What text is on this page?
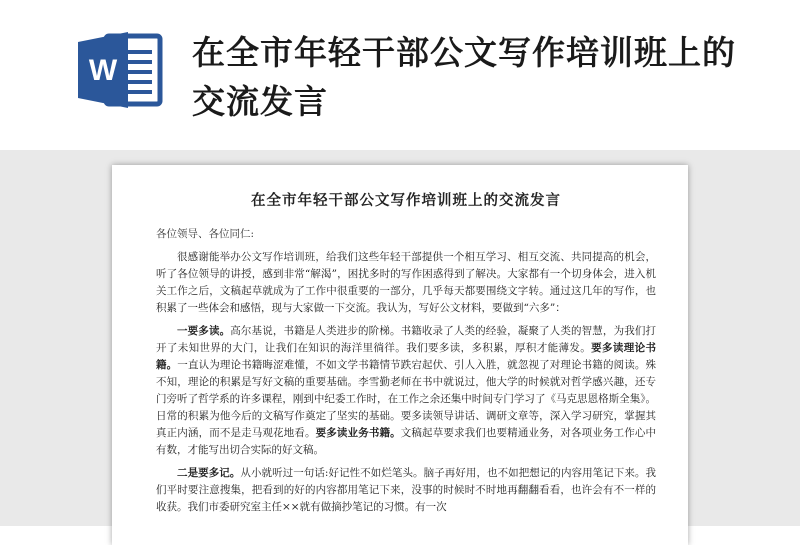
W 在全市年轻干部公文写作培训班上的交流发言
在全市年轻干部公文写作培训班上的交流发言
各位领导、各位同仁:

很感谢能举办公文写作培训班，给我们这些年轻干部提供一个相互学习、相互交流、共同提高的机会，听了各位领导的讲授，感到非常“解渴”，困扰多时的写作困惑得到了解决。大家都有一个切身体会，进入机关工作之后，文稿起草就成为了工作中很重要的一部分，几乎每天都要围绕文字转。通过这几年的写作，也积累了一些体会和感悟，现与大家做一下交流。我认为，写好公文材料，要做到“六多”：

一要多读。高尔基说，书籍是人类进步的阶梯。书籍收录了人类的经验，凝聚了人类的智慧，为我们打开了未知世界的大门，让我们在知识的海洋里徜徉。我们要多读，多积累，厚积才能薄发。要多读理论书籍。一直认为理论书籍晦涩难懂，不如文学书籍情节跌宕起伏、引人入胜，就忽视了对理论书籍的阅读。殊不知，理论的积累是写好文稿的重要基础。李雪勤老师在书中就说过，他大学的时候就对哲学感兴趣，还专门旁听了哲学系的许多课程，刚到中纪委工作时，在工作之余还集中时间专门学习了《马克思恩格斯全集》。日常的积累为他今后的文稿写作奠定了坚实的基础。要多读领导讲话、调研文章等，深入学习研究，掌握其真正内涵，而不是走马观花地看。要多读业务书籍。文稿起草要求我们也要精通业务，对各项业务工作心中有数，才能写出切合实际的好文稿。

二是要多记。从小就听过一句话:好记性不如烂笔头。脑子再好用，也不如把想记的内容用笔记下来。我们平时要注意搜集，把看到的好的内容都用笔记下来，没事的时候时不时地再翻翻看看，也许会有不一样的收获。我们市委研究室主任××就有做摘抄笔记的习惯。有一次
